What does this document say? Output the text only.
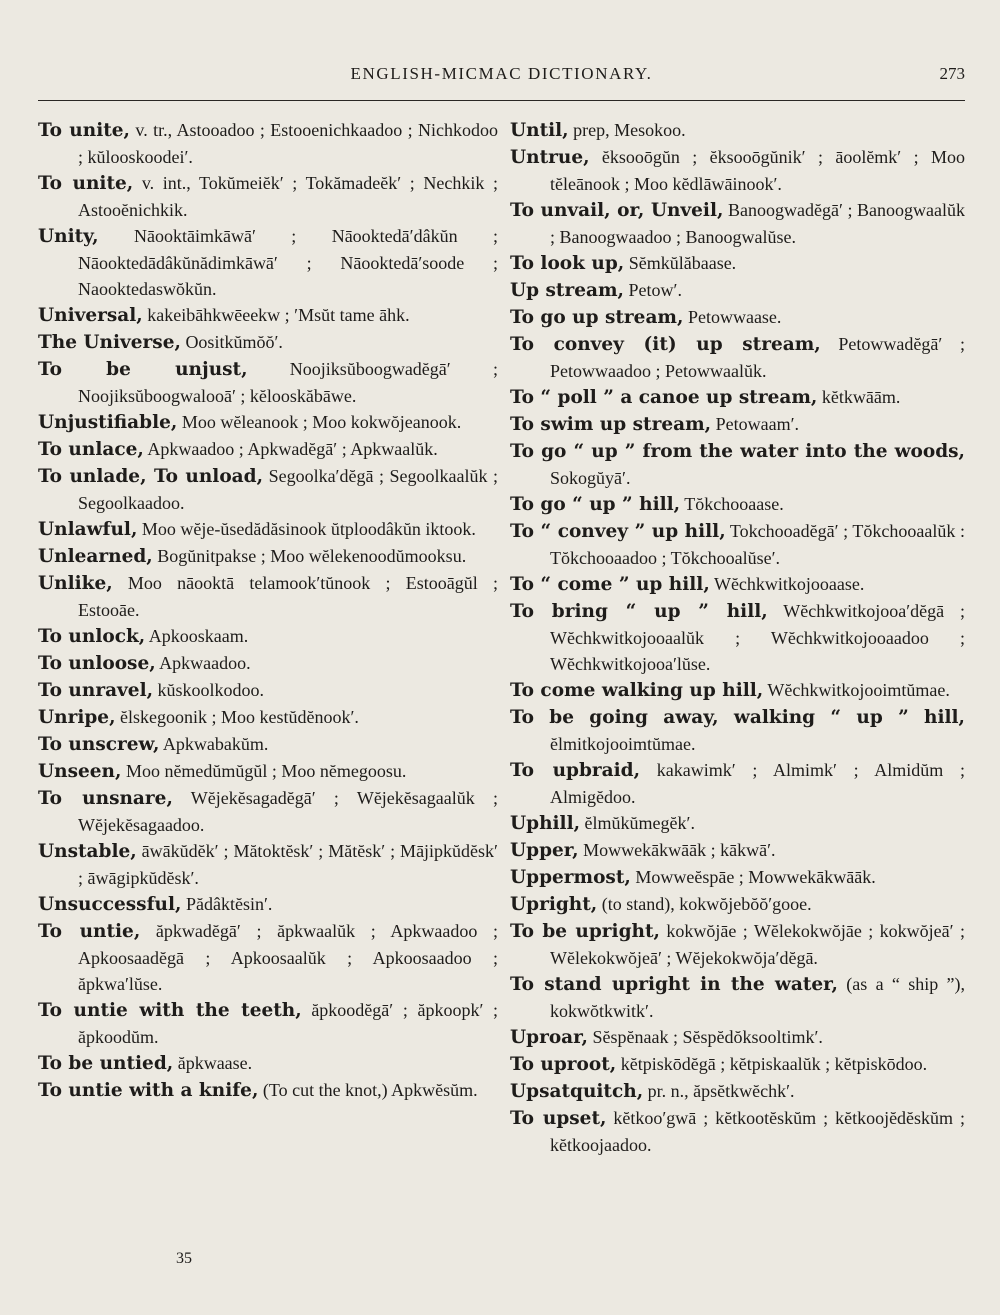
ENGLISH-MICMAC DICTIONARY.	273

To unite, v. tr., Astooadoo ; Estooenichkaadoo ; Nichkodoo ; kŭlooskoodei′.

To unite, v. int., Tokŭmeiĕk′ ; Tokămadeĕk′ ; Nechkik ; Astooĕnichkik.

Unity, Nāooktāimkāwā′ ; Nāooktedā′dâkŭn ; Nāooktedādâkŭnădimkāwā′ ; Nāooktedā′soode ; Naooktedaswŏkŭn.

Universal, kakeibāhkwēeekw ; ′Msŭt tame āhk.

The Universe, Oositkŭmŏŏ′.

To be unjust, Noojiksŭboogwadĕgā′ ; Noojiksŭboogwalooā′ ; kĕlooskăbāwe.

Unjustifiable, Moo wĕleanook ; Moo kokwŏjeanook.

To unlace, Apkwaadoo ; Apkwadĕgā′ ; Apkwaalŭk.

To unlade, To unload, Segoolka′dĕgā ; Segoolkaalŭk ; Segoolkaadoo.

Unlawful, Moo wĕje-ŭsedădăsinook ŭtploodâkŭn iktook.

Unlearned, Bogŭnitpakse ; Moo wĕlekenoodŭmooksu.

Unlike, Moo nāooktā telamook′tŭnook ; Estooāgŭl ; Estooāe.

To unlock, Apkooskaam.

To unloose, Apkwaadoo.

To unravel, kŭskoolkodoo.

Unripe, ĕlskegoonik ; Moo kestŭdĕnook′.

To unscrew, Apkwabakŭm.

Unseen, Moo nĕmedŭmŭgŭl ; Moo nĕmegoosu.

To unsnare, Wĕjekĕsagadĕgā′ ; Wĕjekĕsagaalŭk ; Wĕjekĕsagaadoo.

Unstable, āwākŭdĕk′ ; Mătoktĕsk′ ; Mătĕsk′ ; Mājipkŭdĕsk′ ; āwāgipkŭdĕsk′.

Unsuccessful, Pădâktĕsin′.

To untie, ăpkwadĕgā′ ; ăpkwaalŭk ; Apkwaadoo ; Apkoosaadĕgā ; Apkoosaalŭk ; Apkoosaadoo ; ăpkwa′lŭse.

To untie with the teeth, ăpkoodĕgā′ ; ăpkoopk′ ; ăpkoodŭm.

To be untied, ăpkwaase.

To untie with a knife, (To cut the knot,) Apkwĕsŭm.

Until, prep, Mesokoo.

Untrue, ĕksooōgŭn ; ĕksooōgŭnik′ ; āoolĕmk′ ; Moo tĕleānook ; Moo kĕdlāwāinook′.

To unvail, or, Unveil, Banoogwadĕgā′ ; Banoogwaalŭk ; Banoogwaadoo ; Banoogwalŭse.

To look up, Sĕmkŭlăbaase.

Up stream, Petow′.

To go up stream, Petowwaase.

To convey (it) up stream, Petowwadĕgā′ ; Petowwaadoo ; Petowwaalŭk.

To “ poll ” a canoe up stream, kĕtkwāām.

To swim up stream, Petowaam′.

To go “ up ” from the water into the woods, Sokogŭyā′.

To go “ up ” hill, Tŏkchooaase.

To “ convey ” up hill, Tokchooadĕgā′ ; Tŏkchooaalŭk : Tŏkchooaadoo ; Tŏkchooalŭse′.

To “ come ” up hill, Wĕchkwitkojooaase.

To bring “ up ” hill, Wĕchkwitkojooa′dĕgā ; Wĕchkwitkojooaalŭk ; Wĕchkwitkojooaadoo ; Wĕchkwitkojooa′lŭse.

To come walking up hill, Wĕchkwitkojooimtŭmae.

To be going away, walking “ up ” hill, ĕlmitkojooimtŭmae.

To upbraid, kakawimk′ ; Almimk′ ; Almidŭm ; Almigĕdoo.

Uphill, ĕlmŭkŭmegĕk′.

Upper, Mowwekākwāāk ; kākwā′.

Uppermost, Mowweĕspāe ; Mowwekākwāāk.

Upright, (to stand), kokwŏjebŏŏ′gooe.

To be upright, kokwŏjāe ; Wĕlekokwŏjāe ; kokwŏjeā′ ; Wĕlekokwŏjeā′ ; Wĕjekokwŏja′dĕgā.

To stand upright in the water, (as a “ ship ”), kokwŏtkwitk′.

Uproar, Sĕspĕnaak ; Sĕspĕdŏksooltimk′.

To uproot, kĕtpiskōdĕgā ; kĕtpiskaalŭk ; kĕtpiskōdoo.

Upsatquitch, pr. n., ăpsĕtkwĕchk′.

To upset, kĕtkoo′gwā ; kĕtkootĕskŭm ; kĕtkoojĕdĕskŭm ; kĕtkoojaadoo.

35
